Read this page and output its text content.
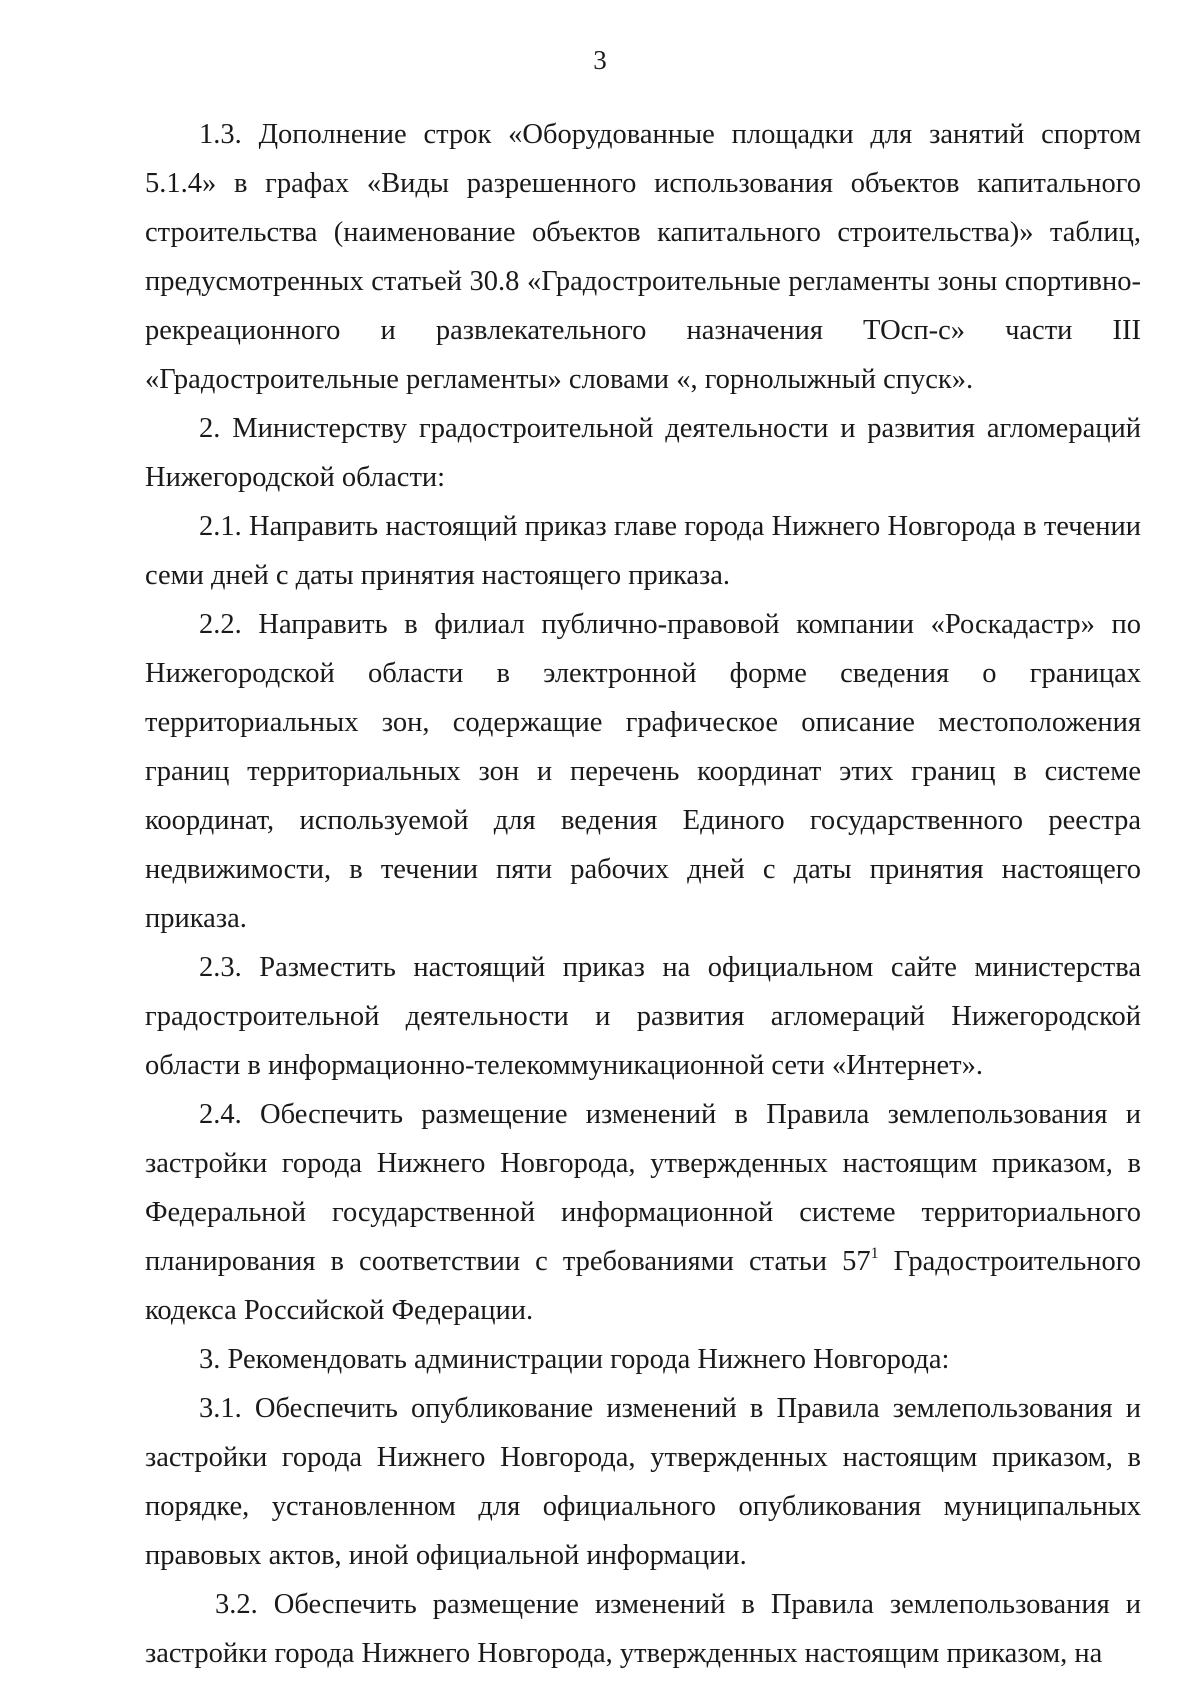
3

1.3. Дополнение строк «Оборудованные площадки для занятий спортом 5.1.4» в графах «Виды разрешенного использования объектов капитального строительства (наименование объектов капитального строительства)» таблиц, предусмотренных статьей 30.8 «Градостроительные регламенты зоны спортивно-рекреационного и развлекательного назначения ТОсп-с» части III «Градостроительные регламенты» словами «, горнолыжный спуск».

2. Министерству градостроительной деятельности и развития агломераций Нижегородской области:

2.1. Направить настоящий приказ главе города Нижнего Новгорода в течении семи дней с даты принятия настоящего приказа.

2.2. Направить в филиал публично-правовой компании «Роскадастр» по Нижегородской области в электронной форме сведения о границах территориальных зон, содержащие графическое описание местоположения границ территориальных зон и перечень координат этих границ в системе координат, используемой для ведения Единого государственного реестра недвижимости, в течении пяти рабочих дней с даты принятия настоящего приказа.

2.3. Разместить настоящий приказ на официальном сайте министерства градостроительной деятельности и развития агломераций Нижегородской области в информационно-телекоммуникационной сети «Интернет».

2.4. Обеспечить размещение изменений в Правила землепользования и застройки города Нижнего Новгорода, утвержденных настоящим приказом, в Федеральной государственной информационной системе территориального планирования в соответствии с требованиями статьи $57^1$ Градостроительного кодекса Российской Федерации.

3. Рекомендовать администрации города Нижнего Новгорода:

3.1. Обеспечить опубликование изменений в Правила землепользования и застройки города Нижнего Новгорода, утвержденных настоящим приказом, в порядке, установленном для официального опубликования муниципальных правовых актов, иной официальной информации.

3.2. Обеспечить размещение изменений в Правила землепользования и застройки города Нижнего Новгорода, утвержденных настоящим приказом, на
